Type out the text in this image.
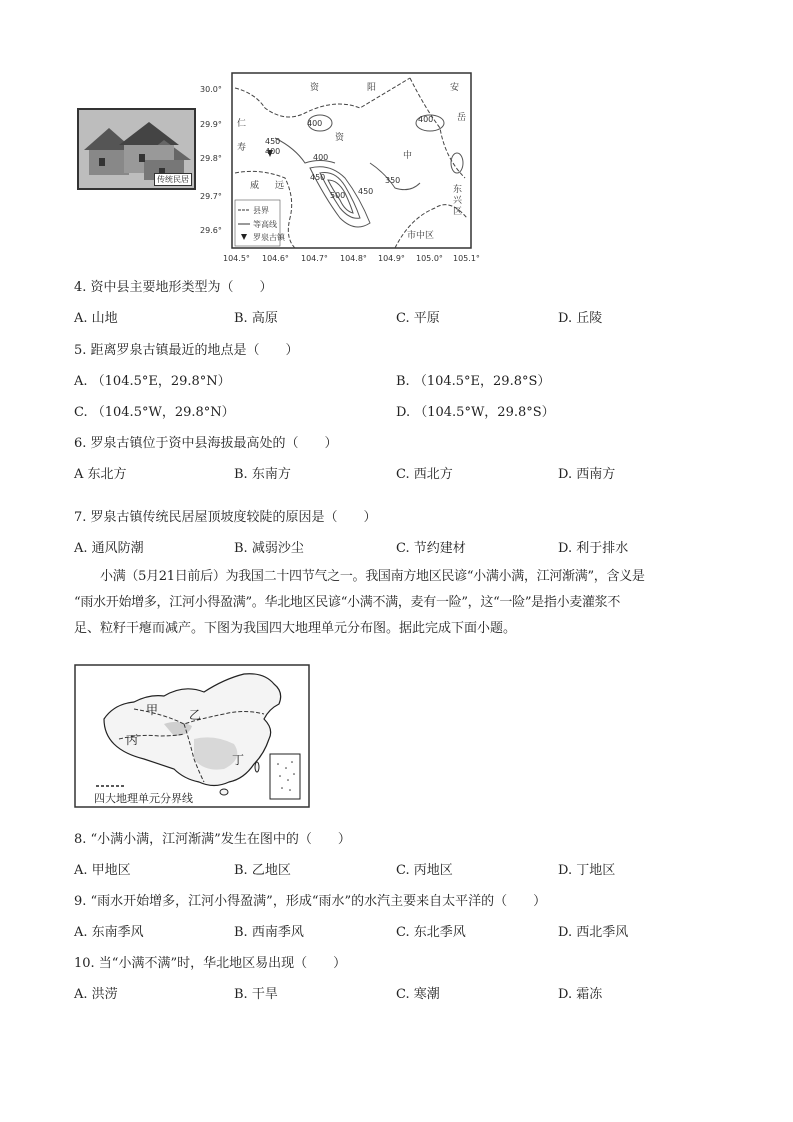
传统民居
30.0°
29.9°
29.8°
29.7°
29.6°
104.5° 104.6° 104.7° 104.8° 104.9° 105.0° 105.1°
资	阳	安
岳
仁
寿
资
中
威 远	东
兴
区
市中区
400
450
400
400
400
450	350
500 450
县界
等高线
罗泉古镇
4. 资中县主要地形类型为（　　）
A. 山地	B. 高原	C. 平原	D. 丘陵
5. 距离罗泉古镇最近的地点是（　　）
A. （104.5°E，29.8°N）	B. （104.5°E，29.8°S）
C. （104.5°W，29.8°N）	D. （104.5°W，29.8°S）
6. 罗泉古镇位于资中县海拔最高处的（　　）
A 东北方	B. 东南方	C. 西北方	D. 西南方
7. 罗泉古镇传统民居屋顶坡度较陡的原因是（　　）
A. 通风防潮	B. 减弱沙尘	C. 节约建材	D. 利于排水
小满（5月21日前后）为我国二十四节气之一。我国南方地区民谚“小满小满，江河渐满”，含义是
“雨水开始增多，江河小得盈满”。华北地区民谚“小满不满，麦有一险”，这“一险”是指小麦灌浆不
足、粒籽干瘪而减产。下图为我国四大地理单元分布图。据此完成下面小题。
甲	乙
丙
丁
四大地理单元分界线
8. “小满小满，江河渐满”发生在图中的（　　）
A. 甲地区	B. 乙地区	C. 丙地区	D. 丁地区
9. “雨水开始增多，江河小得盈满”，形成“雨水”的水汽主要来自太平洋的（　　）
A. 东南季风	B. 西南季风	C. 东北季风	D. 西北季风
10. 当“小满不满”时，华北地区易出现（　　）
A. 洪涝	B. 干旱	C. 寒潮	D. 霜冻
